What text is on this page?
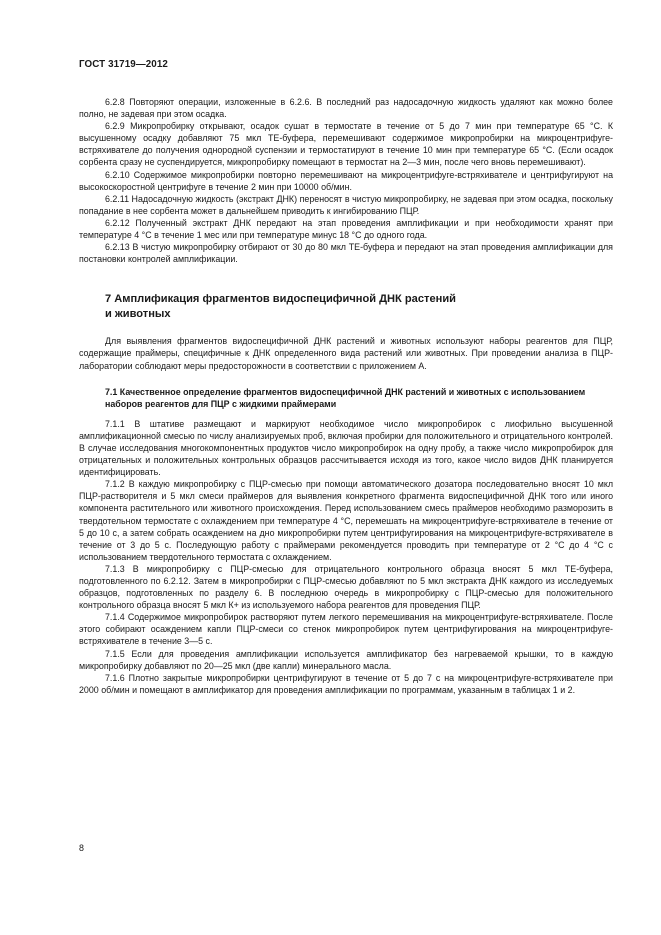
ГОСТ 31719—2012

6.2.8 Повторяют операции, изложенные в 6.2.6. В последний раз надосадочную жидкость удаляют как можно более полно, не задевая при этом осадка.

6.2.9 Микропробирку открывают, осадок сушат в термостате в течение от 5 до 7 мин при температуре 65 °С. К высушенному осадку добавляют 75 мкл ТЕ-буфера, перемешивают содержимое микропробирки на микроцентрифуге-встряхивателе до получения однородной суспензии и термостатируют в течение 10 мин при температуре 65 °С. (Если осадок сорбента сразу не суспендируется, микропробирку помещают в термостат на 2—3 мин, после чего вновь перемешивают).

6.2.10 Содержимое микропробирки повторно перемешивают на микроцентрифуге-встряхивателе и центрифугируют на высокоскоростной центрифуге в течение 2 мин при 10000 об/мин.

6.2.11 Надосадочную жидкость (экстракт ДНК) переносят в чистую микропробирку, не задевая при этом осадка, поскольку попадание в нее сорбента может в дальнейшем приводить к ингибированию ПЦР.

6.2.12 Полученный экстракт ДНК передают на этап проведения амплификации и при необходимости хранят при температуре 4 °С в течение 1 мес или при температуре минус 18 °С до одного года.

6.2.13 В чистую микропробирку отбирают от 30 до 80 мкл ТЕ-буфера и передают на этап проведения амплификации для постановки контролей амплификации.

7 Амплификация фрагментов видоспецифичной ДНК растений
и животных

Для выявления фрагментов видоспецифичной ДНК растений и животных используют наборы реагентов для ПЦР, содержащие праймеры, специфичные к ДНК определенного вида растений или животных. При проведении анализа в ПЦР-лаборатории соблюдают меры предосторожности в соответствии с приложением А.

7.1 Качественное определение фрагментов видоспецифичной ДНК растений и животных с использованием наборов реагентов для ПЦР с жидкими праймерами

7.1.1 В штативе размещают и маркируют необходимое число микропробирок с лиофильно высушенной амплификационной смесью по числу анализируемых проб, включая пробирки для положительного и отрицательного контролей. В случае исследования многокомпонентных продуктов число микропробирок на одну пробу, а также число микропробирок для отрицательных и положительных контрольных образцов рассчитывается исходя из того, какое число видов ДНК планируется идентифицировать.

7.1.2 В каждую микропробирку с ПЦР-смесью при помощи автоматического дозатора последовательно вносят 10 мкл ПЦР-растворителя и 5 мкл смеси праймеров для выявления конкретного фрагмента видоспецифичной ДНК того или иного компонента растительного или животного происхождения. Перед использованием смесь праймеров необходимо разморозить в твердотельном термостате с охлаждением при температуре 4 °С, перемешать на микроцентрифуге-встряхивателе в течение от 5 до 10 с, а затем собрать осаждением на дно микропробирки путем центрифугирования на микроцентрифуге-встряхивателе в течение от 3 до 5 с. Последующую работу с праймерами рекомендуется проводить при температуре от 2 °С до 4 °С с использованием твердотельного термостата с охлаждением.

7.1.3 В микропробирку с ПЦР-смесью для отрицательного контрольного образца вносят 5 мкл ТЕ-буфера, подготовленного по 6.2.12. Затем в микропробирки с ПЦР-смесью добавляют по 5 мкл экстракта ДНК каждого из исследуемых образцов, подготовленных по разделу 6. В последнюю очередь в микропробирку с ПЦР-смесью для положительного контрольного образца вносят 5 мкл К+ из используемого набора реагентов для проведения ПЦР.

7.1.4 Содержимое микропробирок растворяют путем легкого перемешивания на микроцентрифуге-встряхивателе. После этого собирают осаждением капли ПЦР-смеси со стенок микропробирок путем центрифугирования на микроцентрифуге-встряхивателе в течение 3—5 с.

7.1.5 Если для проведения амплификации используется амплификатор без нагреваемой крышки, то в каждую микропробирку добавляют по 20—25 мкл (две капли) минерального масла.

7.1.6 Плотно закрытые микропробирки центрифугируют в течение от 5 до 7 с на микроцентрифуге-встряхивателе при 2000 об/мин и помещают в амплификатор для проведения амплификации по программам, указанным в таблицах 1 и 2.

8
